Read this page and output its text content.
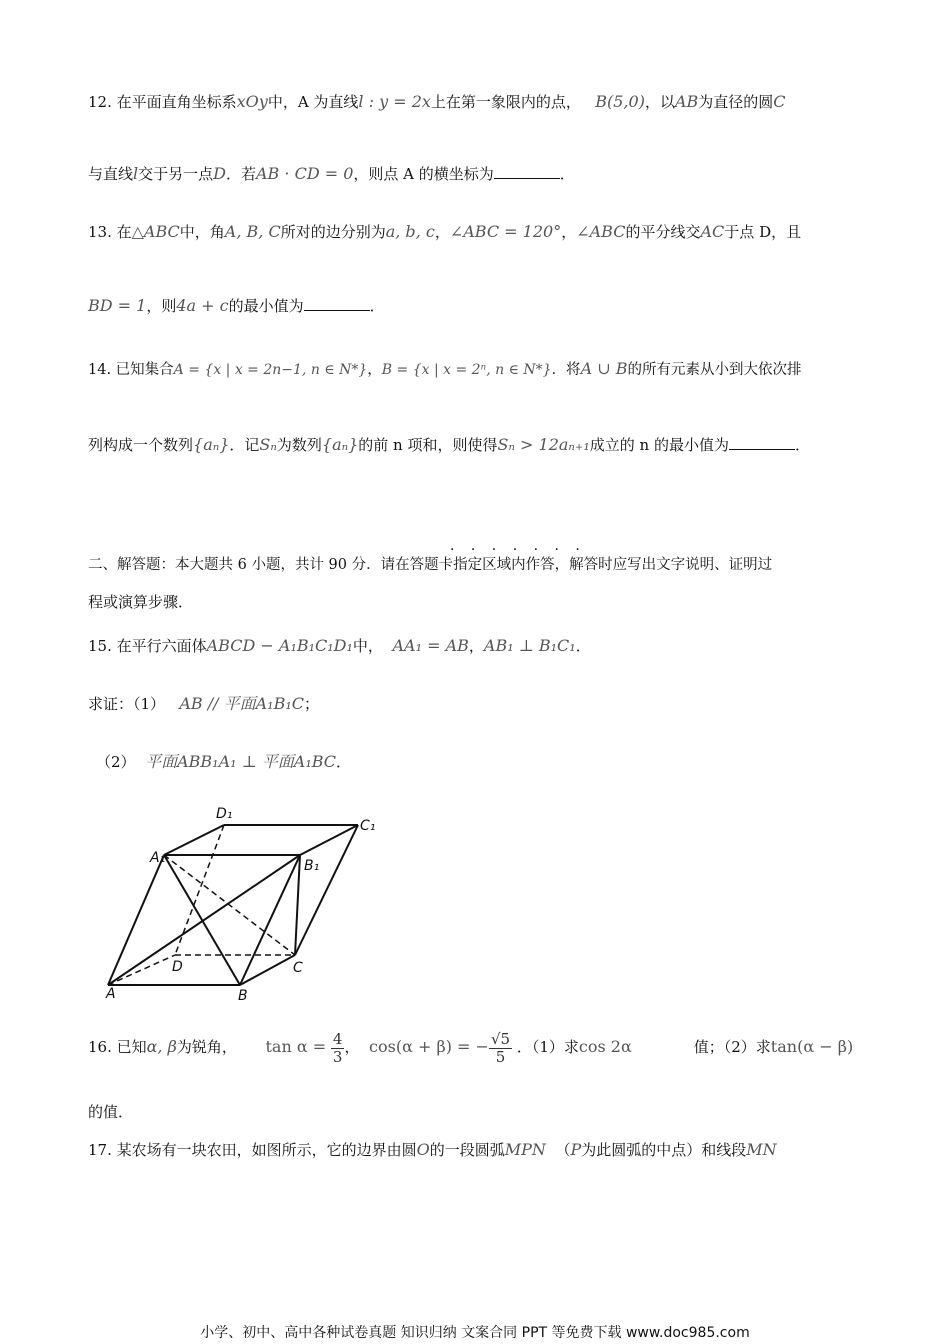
12. 在平面直角坐标系xOy中，A 为直线l : y = 2x上在第一象限内的点， B(5,0)，以AB为直径的圆C
与直线l交于另一点D．若AB · CD = 0，则点 A 的横坐标为	．
13. 在△ABC中，角A, B, C所对的边分别为a, b, c，∠ABC = 120°，∠ABC的平分线交AC于点 D，且
BD = 1，则4a + c的最小值为	．
14. 已知集合A = {x | x = 2n−1, n ∈ N*}，B = {x | x = 2ⁿ, n ∈ N*}．将A ∪ B的所有元素从小到大依次排
列构成一个数列{aₙ}．记Sₙ为数列{aₙ}的前 n 项和，则使得Sₙ > 12aₙ₊₁成立的 n 的最小值为	．
· · · · · · ·
二、解答题：本大题共 6 小题，共计 90 分．请在答题卡指定区域内作答，解答时应写出文字说明、证明过
程或演算步骤．
15. 在平行六面体ABCD − A₁B₁C₁D₁中， AA₁ = AB，AB₁ ⊥ B₁C₁．
求证：（1） AB // 平面A₁B₁C；
（2） 平面ABB₁A₁ ⊥ 平面A₁BC．
D₁
C₁
A₁	B₁
D	C
A	B
16. 已知α, β为锐角， $\tan \alpha = \frac{4}{3}$ ， cos(α + β) = − $\frac{√5}{5}$ ．（1）求cos 2α	值；（2）求tan(α − β)
的值．
17. 某农场有一块农田，如图所示，它的边界由圆O的一段圆弧MPN （P为此圆弧的中点）和线段MN
小学、初中、高中各种试卷真题 知识归纳 文案合同 PPT 等免费下载 www.doc985.com
